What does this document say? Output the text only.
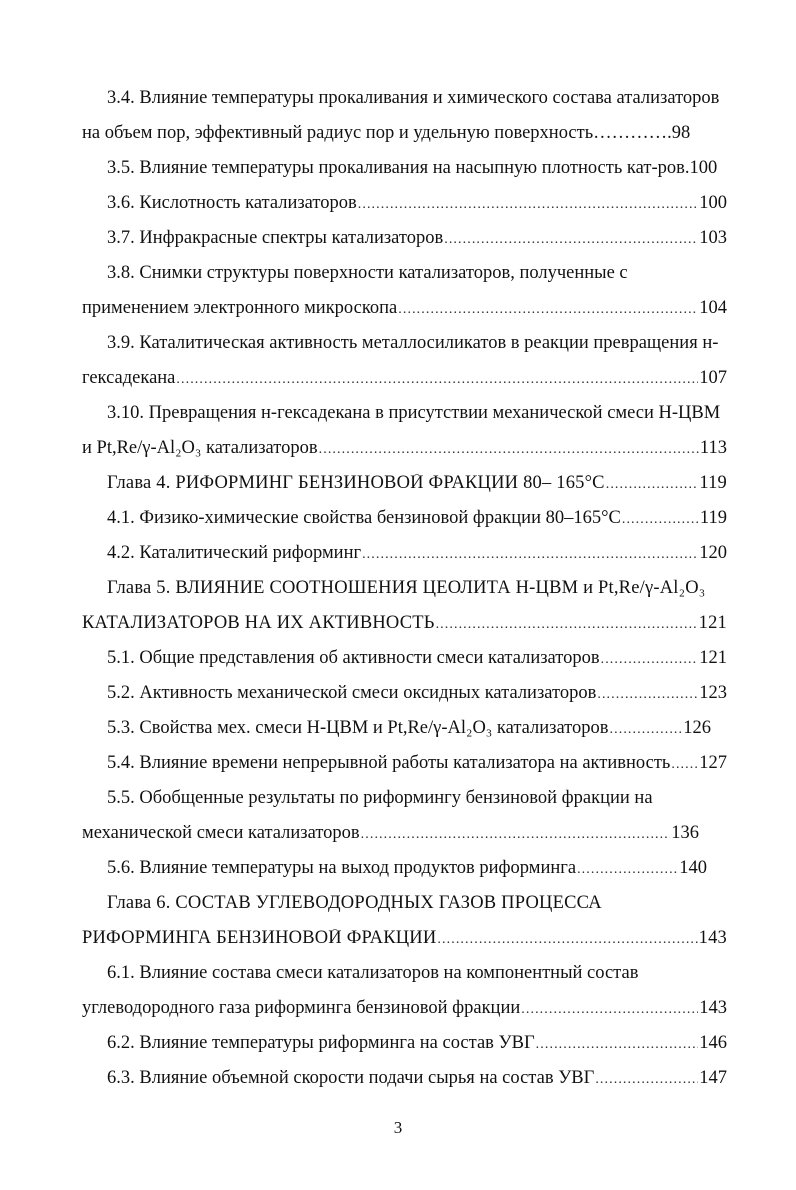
3.4. Влияние температуры прокаливания и химического состава атализаторов
на объем пор, эффективный радиус пор и удельную поверхность …………. 98
3.5. Влияние температуры прокаливания на насыпную плотность кат-ров . 100
3.6. Кислотность катализаторов . . .	100
3.7. Инфракрасные спектры катализаторов . . .	103
3.8. Снимки структуры поверхности катализаторов, полученные с
применением электронного микроскопа . . .	104
3.9. Каталитическая активность металлосиликатов в реакции превращения н-
гексадекана . . .	107
3.10. Превращения н-гексадекана в присутствии механической смеси Н-ЦВМ
и Pt,Re/γ-Al₂O₃ катализаторов . . .	113
Глава 4. РИФОРМИНГ БЕНЗИНОВОЙ ФРАКЦИИ 80– 165°C . . .	119
4.1. Физико-химические свойства бензиновой фракции 80–165°С . . .	119
4.2. Каталитический риформинг . . .	120
Глава 5. ВЛИЯНИЕ СООТНОШЕНИЯ ЦЕОЛИТА Н-ЦВМ и Pt,Re/γ-Al₂O₃
КАТАЛИЗАТОРОВ НА ИХ АКТИВНОСТЬ . . .	121
5.1. Общие представления об активности смеси катализаторов . . .	121
5.2. Активность механической смеси оксидных катализаторов . . .	123
5.3. Свойства мех. смеси Н-ЦВМ и Pt,Re/γ-Al₂O₃ катализаторов . . .	126
5.4. Влияние времени непрерывной работы катализатора на активность . . . 127
5.5. Обобщенные результаты по риформингу бензиновой фракции на
механической смеси катализаторов . . .	136
5.6. Влияние температуры на выход продуктов риформинга . . .	140
Глава 6. СОСТАВ УГЛЕВОДОРОДНЫХ ГАЗОВ ПРОЦЕССА
РИФОРМИНГА БЕНЗИНОВОЙ ФРАКЦИИ . . .	143
6.1. Влияние состава смеси катализаторов на компонентный состав
углеводородного газа риформинга бензиновой фракции . . .	143
6.2. Влияние температуры риформинга на состав УВГ . . .	146
6.3. Влияние объемной скорости подачи сырья на состав УВГ . . .	147
3
